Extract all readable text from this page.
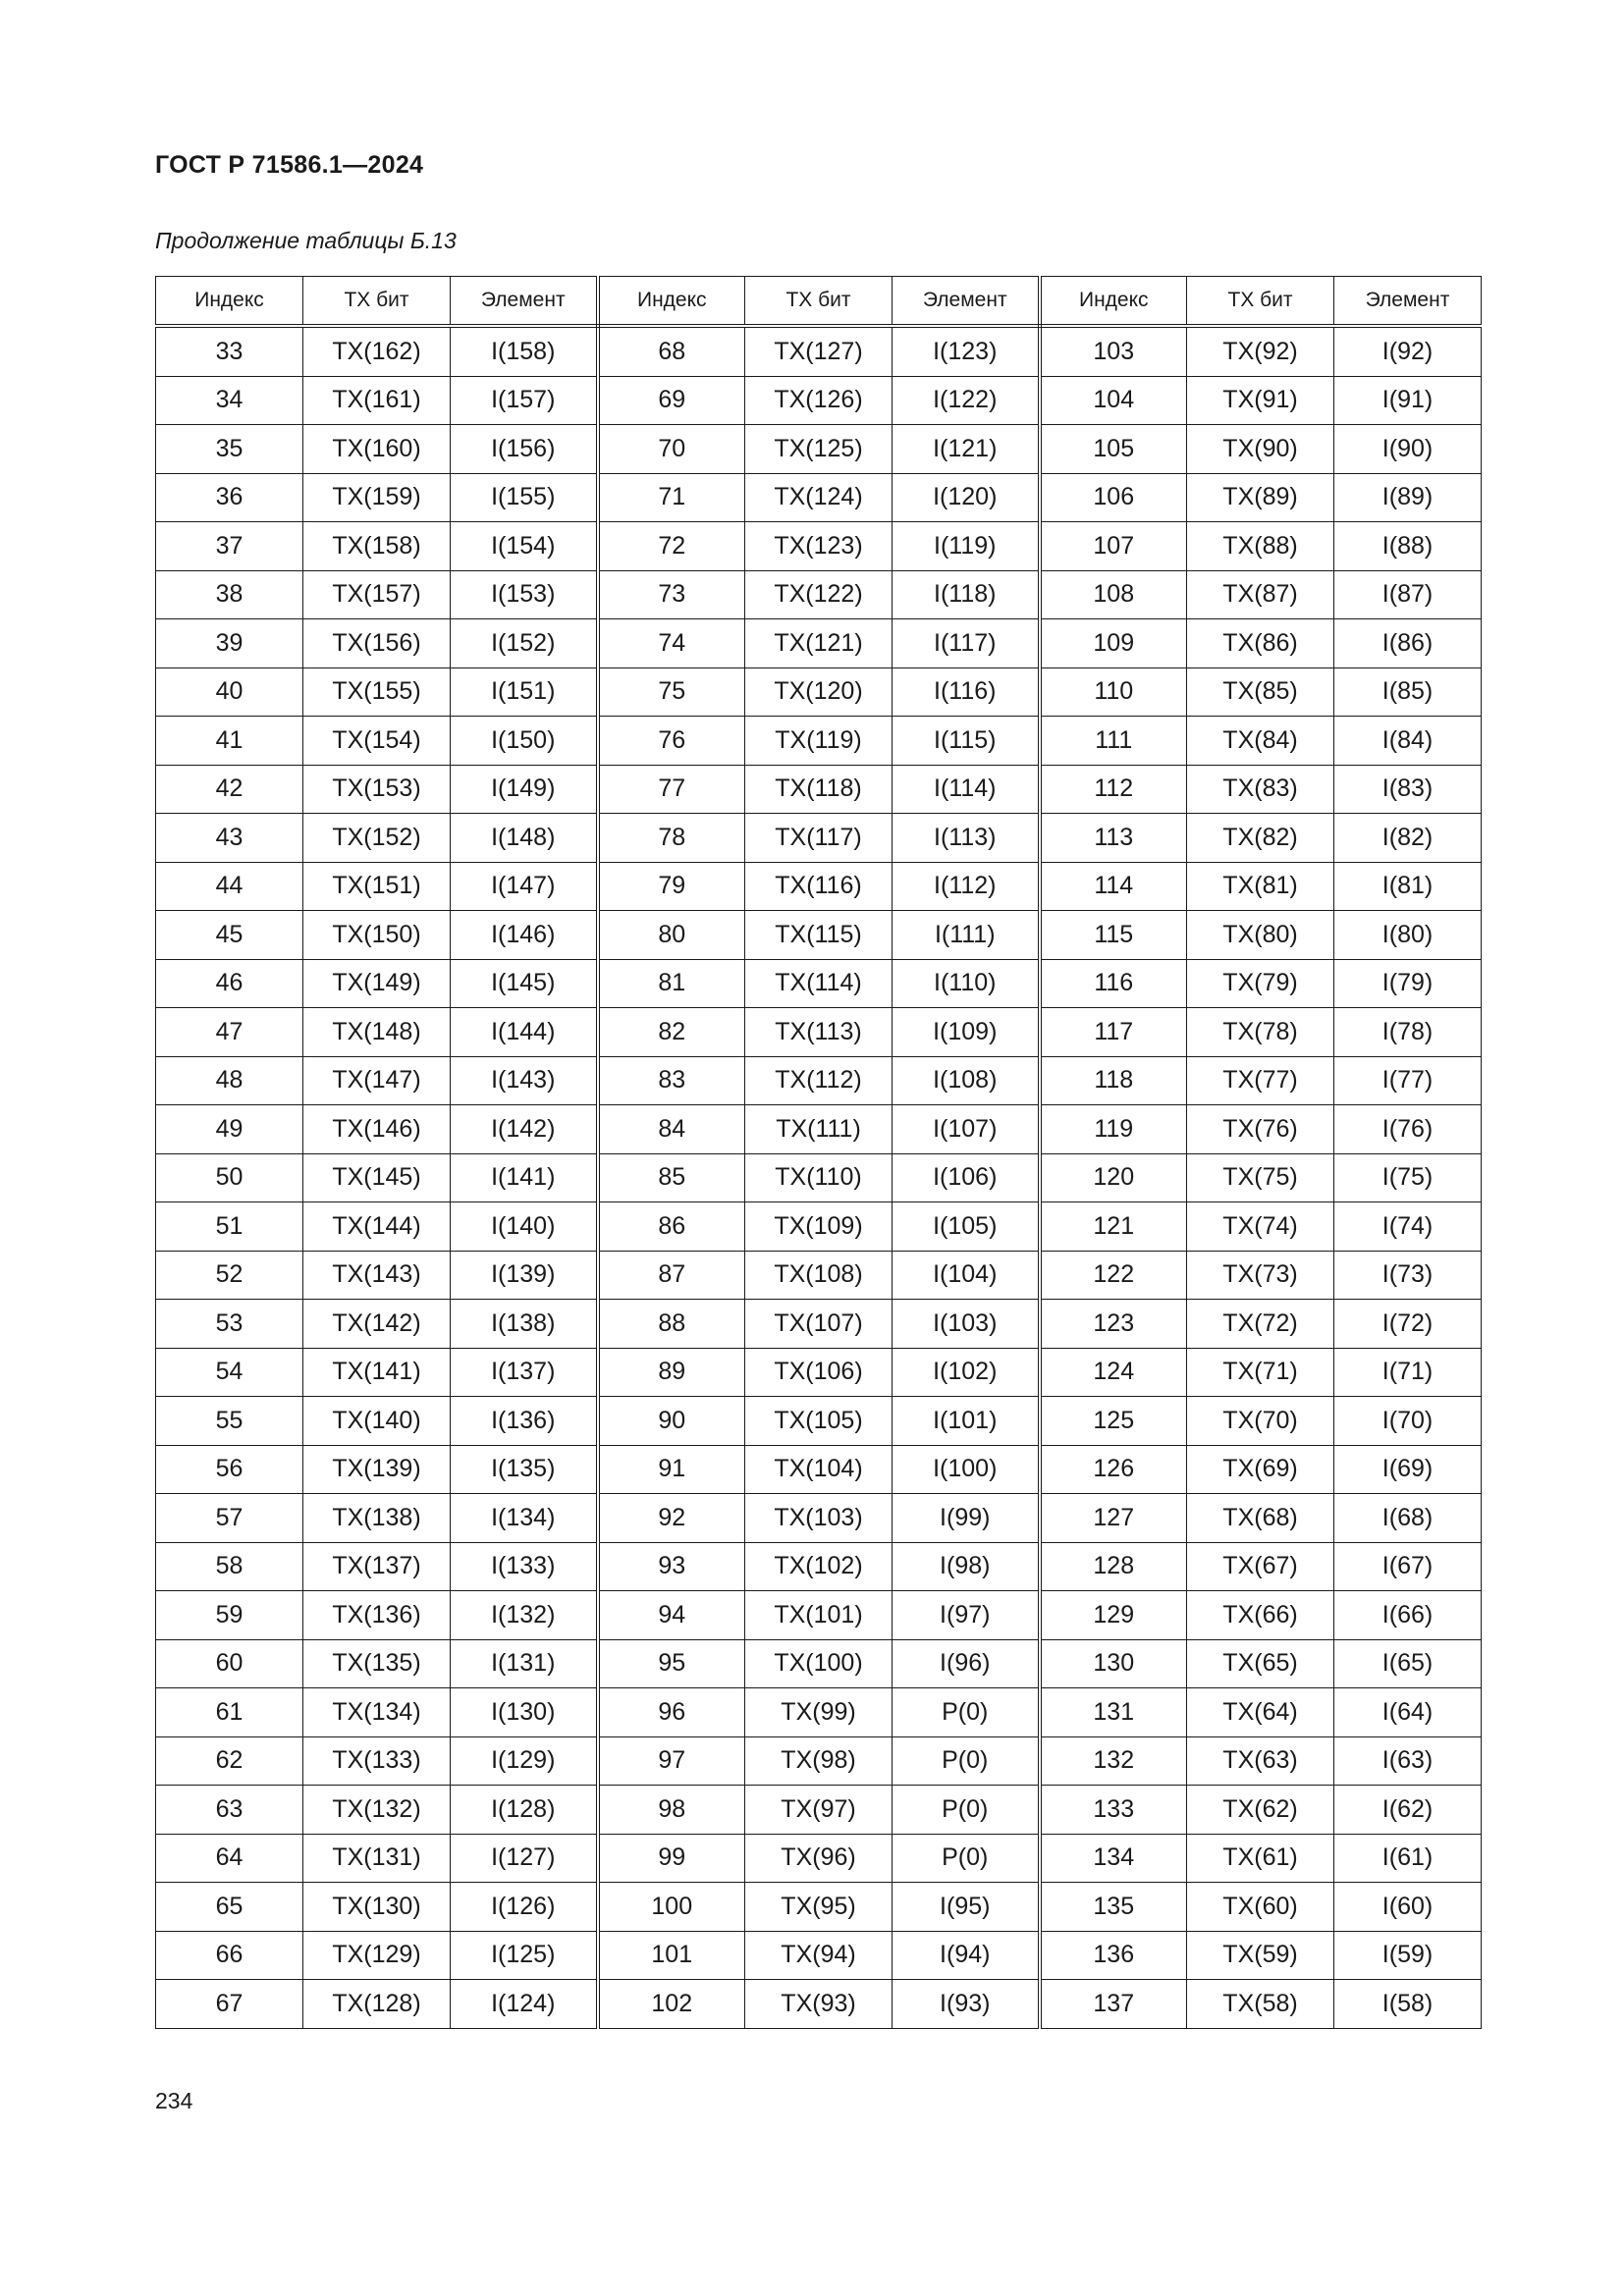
ГОСТ Р 71586.1—2024
Продолжение таблицы Б.13
Индекс	TX бит	Элемент	Индекс	TX бит	Элемент	Индекс	TX бит	Элемент
33	TX(162)	I(158)	68	TX(127)	I(123)	103	TX(92)	I(92)
34	TX(161)	I(157)	69	TX(126)	I(122)	104	TX(91)	I(91)
35	TX(160)	I(156)	70	TX(125)	I(121)	105	TX(90)	I(90)
36	TX(159)	I(155)	71	TX(124)	I(120)	106	TX(89)	I(89)
37	TX(158)	I(154)	72	TX(123)	I(119)	107	TX(88)	I(88)
38	TX(157)	I(153)	73	TX(122)	I(118)	108	TX(87)	I(87)
39	TX(156)	I(152)	74	TX(121)	I(117)	109	TX(86)	I(86)
40	TX(155)	I(151)	75	TX(120)	I(116)	110	TX(85)	I(85)
41	TX(154)	I(150)	76	TX(119)	I(115)	111	TX(84)	I(84)
42	TX(153)	I(149)	77	TX(118)	I(114)	112	TX(83)	I(83)
43	TX(152)	I(148)	78	TX(117)	I(113)	113	TX(82)	I(82)
44	TX(151)	I(147)	79	TX(116)	I(112)	114	TX(81)	I(81)
45	TX(150)	I(146)	80	TX(115)	I(111)	115	TX(80)	I(80)
46	TX(149)	I(145)	81	TX(114)	I(110)	116	TX(79)	I(79)
47	TX(148)	I(144)	82	TX(113)	I(109)	117	TX(78)	I(78)
48	TX(147)	I(143)	83	TX(112)	I(108)	118	TX(77)	I(77)
49	TX(146)	I(142)	84	TX(111)	I(107)	119	TX(76)	I(76)
50	TX(145)	I(141)	85	TX(110)	I(106)	120	TX(75)	I(75)
51	TX(144)	I(140)	86	TX(109)	I(105)	121	TX(74)	I(74)
52	TX(143)	I(139)	87	TX(108)	I(104)	122	TX(73)	I(73)
53	TX(142)	I(138)	88	TX(107)	I(103)	123	TX(72)	I(72)
54	TX(141)	I(137)	89	TX(106)	I(102)	124	TX(71)	I(71)
55	TX(140)	I(136)	90	TX(105)	I(101)	125	TX(70)	I(70)
56	TX(139)	I(135)	91	TX(104)	I(100)	126	TX(69)	I(69)
57	TX(138)	I(134)	92	TX(103)	I(99)	127	TX(68)	I(68)
58	TX(137)	I(133)	93	TX(102)	I(98)	128	TX(67)	I(67)
59	TX(136)	I(132)	94	TX(101)	I(97)	129	TX(66)	I(66)
60	TX(135)	I(131)	95	TX(100)	I(96)	130	TX(65)	I(65)
61	TX(134)	I(130)	96	TX(99)	P(0)	131	TX(64)	I(64)
62	TX(133)	I(129)	97	TX(98)	P(0)	132	TX(63)	I(63)
63	TX(132)	I(128)	98	TX(97)	P(0)	133	TX(62)	I(62)
64	TX(131)	I(127)	99	TX(96)	P(0)	134	TX(61)	I(61)
65	TX(130)	I(126)	100	TX(95)	I(95)	135	TX(60)	I(60)
66	TX(129)	I(125)	101	TX(94)	I(94)	136	TX(59)	I(59)
67	TX(128)	I(124)	102	TX(93)	I(93)	137	TX(58)	I(58)
234
